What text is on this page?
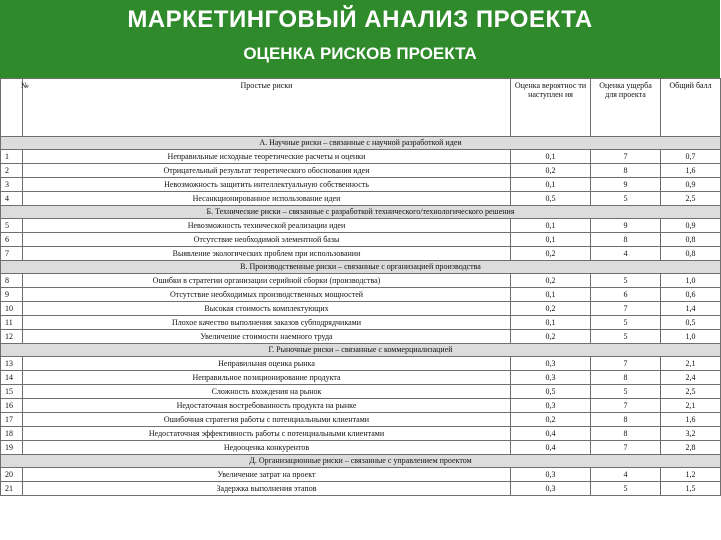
МАРКЕТИНГОВЫЙ АНАЛИЗ ПРОЕКТА
ОЦЕНКА РИСКОВ ПРОЕКТА
№	Простые риски	Оценка вероятнос ти наступлен ия	Оценка ущерба для проекта	Общий балл
А. Научные риски – связанные с научной разработкой идеи				
1	Неправильные исходные теоретические расчеты и оценки	0,1	7	0,7
2	Отрицательный результат теоретического обоснования идеи	0,2	8	1,6
3	Невозможность защитить интеллектуальную собственность	0,1	9	0,9
4	Несанкционированное использование идеи	0,5	5	2,5
Б. Технические риски – связанные с разработкой технического/технологического решения				
5	Невозможность технической реализации идеи	0,1	9	0,9
6	Отсутствие необходимой элементной базы	0,1	8	0,8
7	Выявление экологических проблем при использовании	0,2	4	0,8
В. Производственные риски – связанные с организацией производства				
8	Ошибки в стратегии организации серийной сборки (производства)	0,2	5	1,0
9	Отсутствие необходимых производственных мощностей	0,1	6	0,6
10	Высокая стоимость комплектующих	0,2	7	1,4
11	Плохое качество выполнения заказов субподрядчиками	0,1	5	0,5
12	Увеличение стоимости наемного труда	0,2	5	1,0
Г. Рыночные риски – связанные с коммерциализацией				
13	Неправильная оценка рынка	0,3	7	2,1
14	Неправильное позиционирование продукта	0,3	8	2,4
15	Сложность вхождения на рынок	0,5	5	2,5
16	Недостаточная востребованность продукта на рынке	0,3	7	2,1
17	Ошибочная стратегия работы с потенциальными клиентами	0,2	8	1,6
18	Недостаточная эффективность работы с потенциальными клиентами	0,4	8	3,2
19	Недооценка конкурентов	0,4	7	2,8
Д. Организационные риски – связанные с управлением проектом				
20	Увеличение затрат на проект	0,3	4	1,2
21	Задержка выполнения этапов	0,3	5	1,5
